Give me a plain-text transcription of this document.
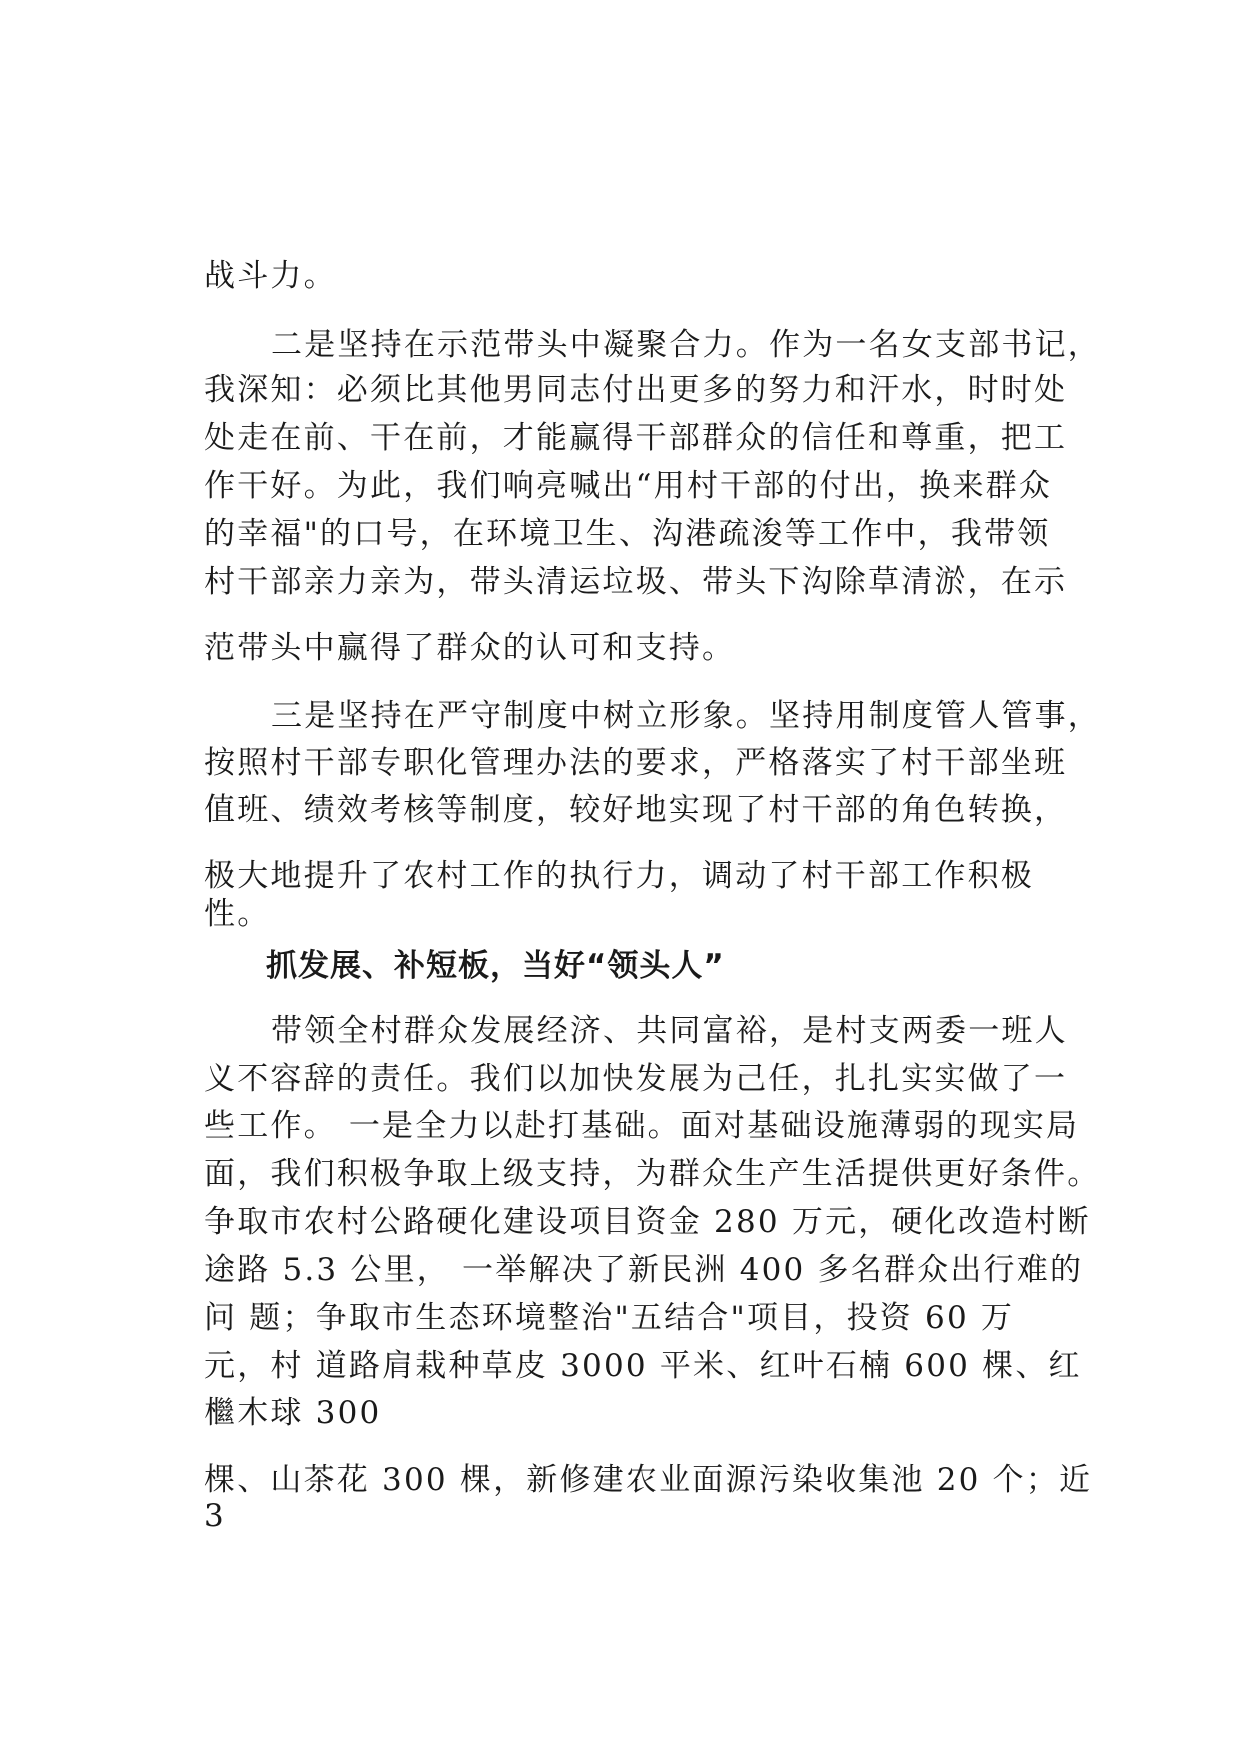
战斗力。
二是坚持在示范带头中凝聚合力。作为一名女支部书记，
我深知：必须比其他男同志付出更多的努力和汗水，时时处
处走在前、干在前，才能赢得干部群众的信任和尊重，把工
作干好。为此，我们响亮喊出“用村干部的付出，换来群众
的幸福"的口号，在环境卫生、沟港疏浚等工作中，我带领
村干部亲力亲为，带头清运垃圾、带头下沟除草清淤，在示
范带头中赢得了群众的认可和支持。
三是坚持在严守制度中树立形象。坚持用制度管人管事，
按照村干部专职化管理办法的要求，严格落实了村干部坐班
值班、绩效考核等制度，较好地实现了村干部的角色转换，
极大地提升了农村工作的执行力，调动了村干部工作积极
性。
抓发展、补短板，当好“领头人”
带领全村群众发展经济、共同富裕，是村支两委一班人
义不容辞的责任。我们以加快发展为己任，扎扎实实做了一
些工作。 一是全力以赴打基础。面对基础设施薄弱的现实局
面，我们积极争取上级支持，为群众生产生活提供更好条件。
争取市农村公路硬化建设项目资金 280 万元，硬化改造村断
途路 5.3 公里， 一举解决了新民洲 400 多名群众出行难的
问 题；争取市生态环境整治"五结合"项目，投资 60 万
元，村 道路肩栽种草皮 3000 平米、红叶石楠 600 棵、红
檵木球 300
棵、山茶花 300 棵，新修建农业面源污染收集池 20 个；近
3
